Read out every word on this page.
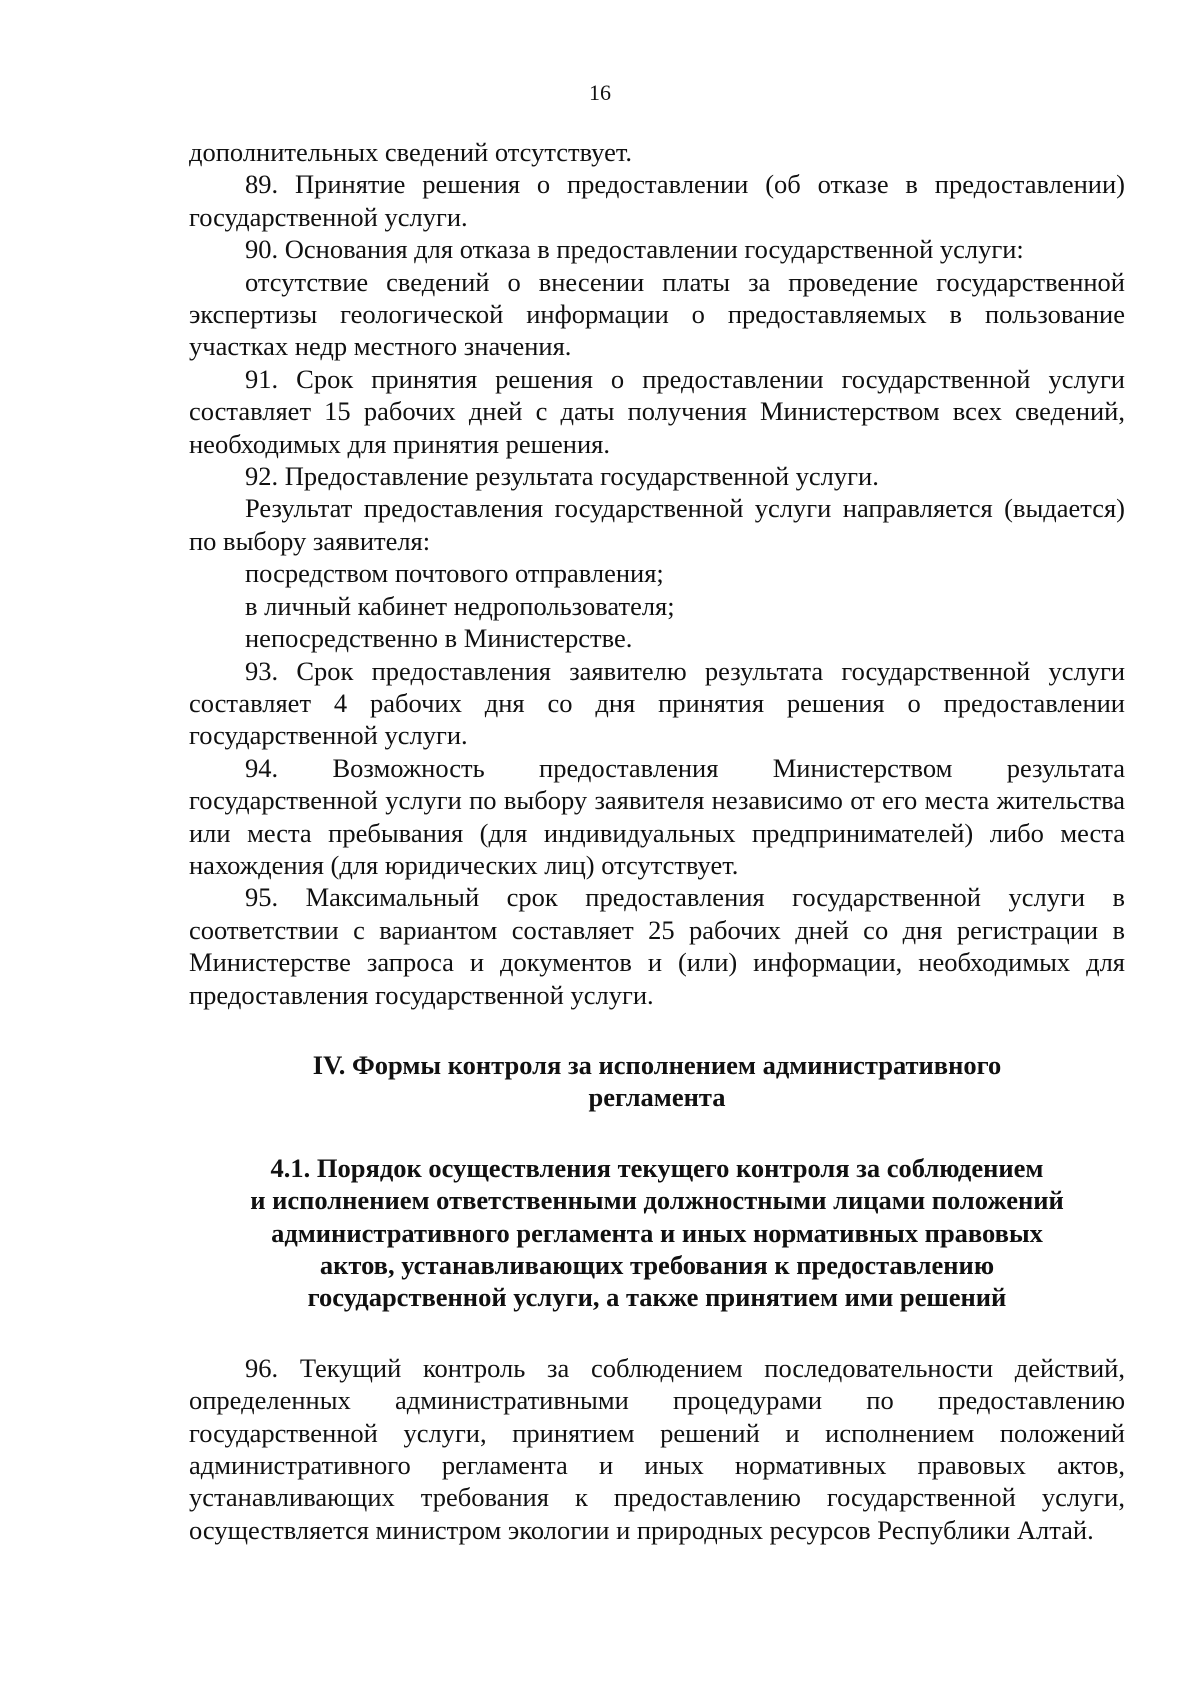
16

дополнительных сведений отсутствует.

89. Принятие решения о предоставлении (об отказе в предоставлении) государственной услуги.

90. Основания для отказа в предоставлении государственной услуги:

отсутствие сведений о внесении платы за проведение государственной экспертизы геологической информации о предоставляемых в пользование участках недр местного значения.

91. Срок принятия решения о предоставлении государственной услуги составляет 15 рабочих дней с даты получения Министерством всех сведений, необходимых для принятия решения.

92. Предоставление результата государственной услуги.

Результат предоставления государственной услуги направляется (выдается) по выбору заявителя:

посредством почтового отправления;

в личный кабинет недропользователя;

непосредственно в Министерстве.

93. Срок предоставления заявителю результата государственной услуги составляет 4 рабочих дня со дня принятия решения о предоставлении государственной услуги.

94. Возможность предоставления Министерством результата государственной услуги по выбору заявителя независимо от его места жительства или места пребывания (для индивидуальных предпринимателей) либо места нахождения (для юридических лиц) отсутствует.

95. Максимальный срок предоставления государственной услуги в соответствии с вариантом составляет 25 рабочих дней со дня регистрации в Министерстве запроса и документов и (или) информации, необходимых для предоставления государственной услуги.

IV. Формы контроля за исполнением административного
регламента
4.1. Порядок осуществления текущего контроля за соблюдением
и исполнением ответственными должностными лицами положений
административного регламента и иных нормативных правовых
актов, устанавливающих требования к предоставлению
государственной услуги, а также принятием ими решений

96. Текущий контроль за соблюдением последовательности действий, определенных административными процедурами по предоставлению государственной услуги, принятием решений и исполнением положений административного регламента и иных нормативных правовых актов, устанавливающих требования к предоставлению государственной услуги, осуществляется министром экологии и природных ресурсов Республики Алтай.
